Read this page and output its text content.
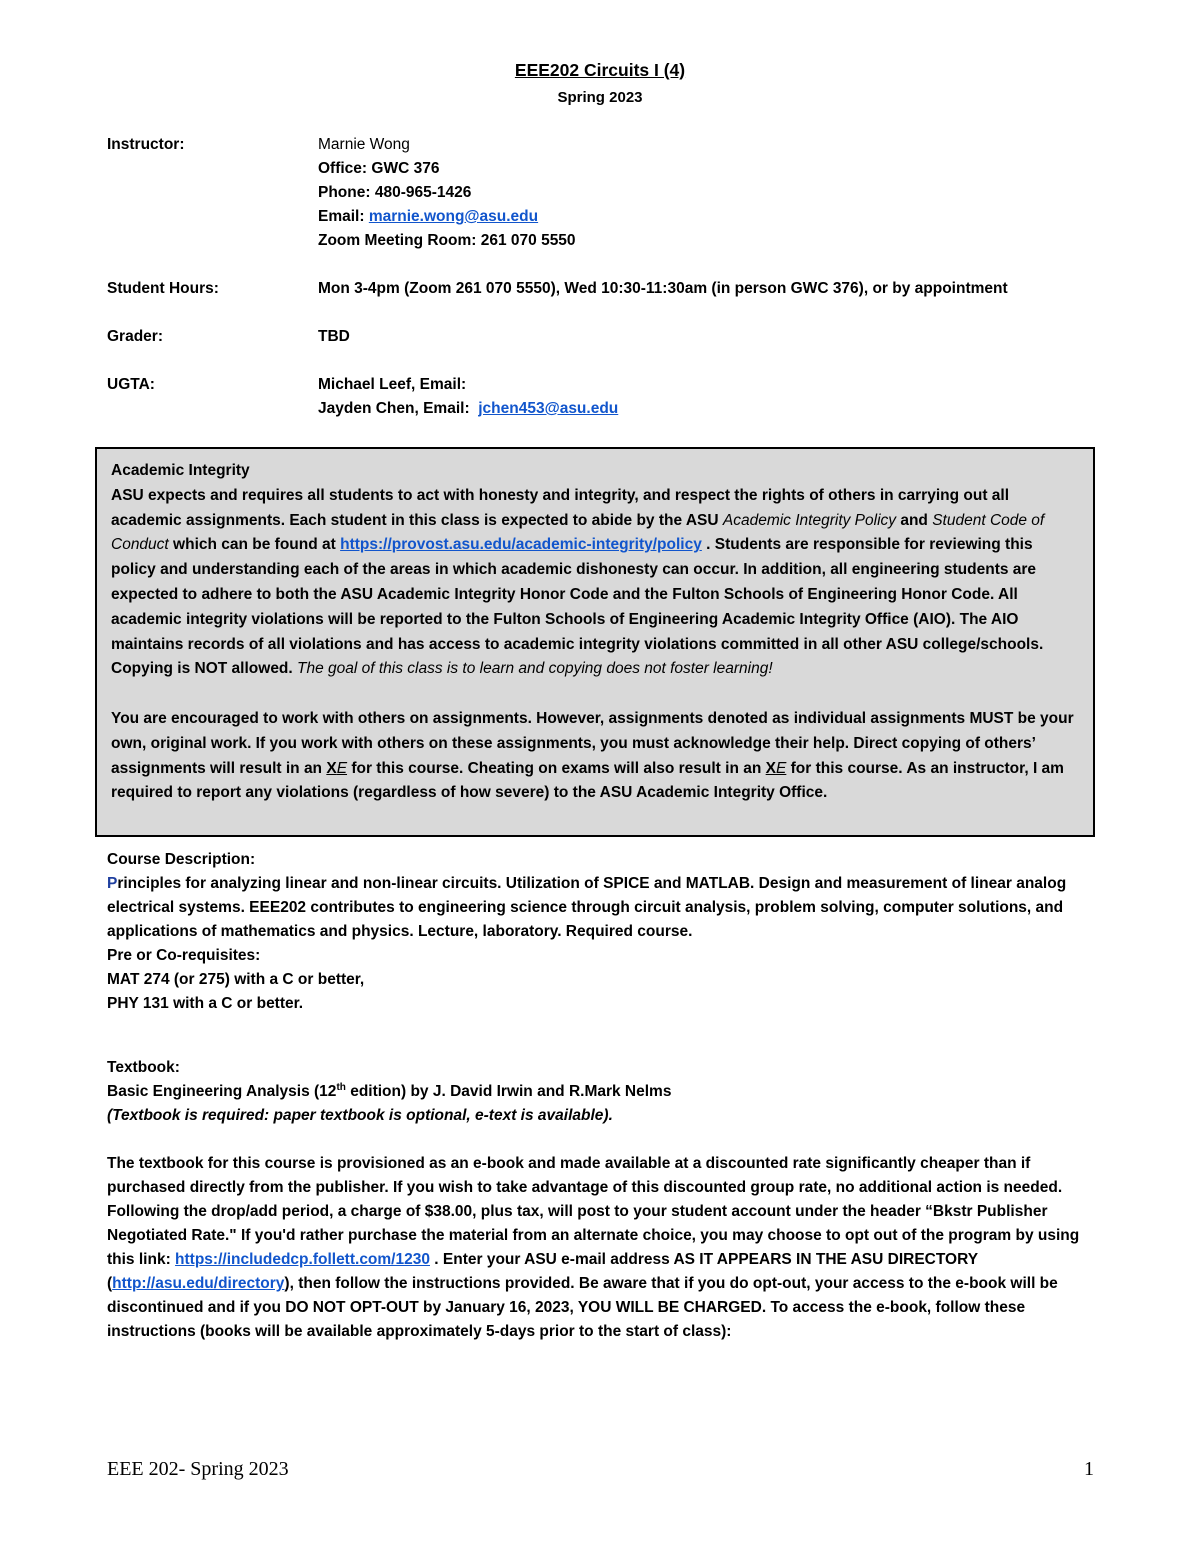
EEE202 Circuits I (4)
Spring 2023
Instructor:	Marnie Wong
Office: GWC 376
Phone: 480-965-1426
Email: marnie.wong@asu.edu
Zoom Meeting Room: 261 070 5550
Student Hours:	Mon 3-4pm (Zoom 261 070 5550), Wed 10:30-11:30am (in person GWC 376), or by appointment
Grader:	TBD
UGTA:	Michael Leef, Email:
Jayden Chen, Email: jchen453@asu.edu

Academic Integrity

ASU expects and requires all students to act with honesty and integrity, and respect the rights of others in carrying out all academic assignments. Each student in this class is expected to abide by the ASU Academic Integrity Policy and Student Code of Conduct which can be found at https://provost.asu.edu/academic-integrity/policy . Students are responsible for reviewing this policy and understanding each of the areas in which academic dishonesty can occur. In addition, all engineering students are expected to adhere to both the ASU Academic Integrity Honor Code and the Fulton Schools of Engineering Honor Code. All academic integrity violations will be reported to the Fulton Schools of Engineering Academic Integrity Office (AIO). The AIO maintains records of all violations and has access to academic integrity violations committed in all other ASU college/schools. Copying is NOT allowed. The goal of this class is to learn and copying does not foster learning!

You are encouraged to work with others on assignments. However, assignments denoted as individual assignments MUST be your own, original work. If you work with others on these assignments, you must acknowledge their help. Direct copying of others’ assignments will result in an XE for this course. Cheating on exams will also result in an XE for this course. As an instructor, I am required to report any violations (regardless of how severe) to the ASU Academic Integrity Office.

Course Description:

Principles for analyzing linear and non-linear circuits. Utilization of SPICE and MATLAB. Design and measurement of linear analog electrical systems. EEE202 contributes to engineering science through circuit analysis, problem solving, computer solutions, and applications of mathematics and physics. Lecture, laboratory. Required course.

Pre or Co-requisites:

MAT 274 (or 275) with a C or better,

PHY 131 with a C or better.

Textbook:

Basic Engineering Analysis (12th edition) by J. David Irwin and R.Mark Nelms

(Textbook is required: paper textbook is optional, e-text is available).

The textbook for this course is provisioned as an e-book and made available at a discounted rate significantly cheaper than if purchased directly from the publisher. If you wish to take advantage of this discounted group rate, no additional action is needed. Following the drop/add period, a charge of $38.00, plus tax, will post to your student account under the header “Bkstr Publisher Negotiated Rate." If you'd rather purchase the material from an alternate choice, you may choose to opt out of the program by using this link: https://includedcp.follett.com/1230 . Enter your ASU e-mail address AS IT APPEARS IN THE ASU DIRECTORY (http://asu.edu/directory), then follow the instructions provided. Be aware that if you do opt-out, your access to the e-book will be discontinued and if you DO NOT OPT-OUT by January 16, 2023, YOU WILL BE CHARGED. To access the e-book, follow these instructions (books will be available approximately 5-days prior to the start of class):

EEE 202- Spring 2023	1
